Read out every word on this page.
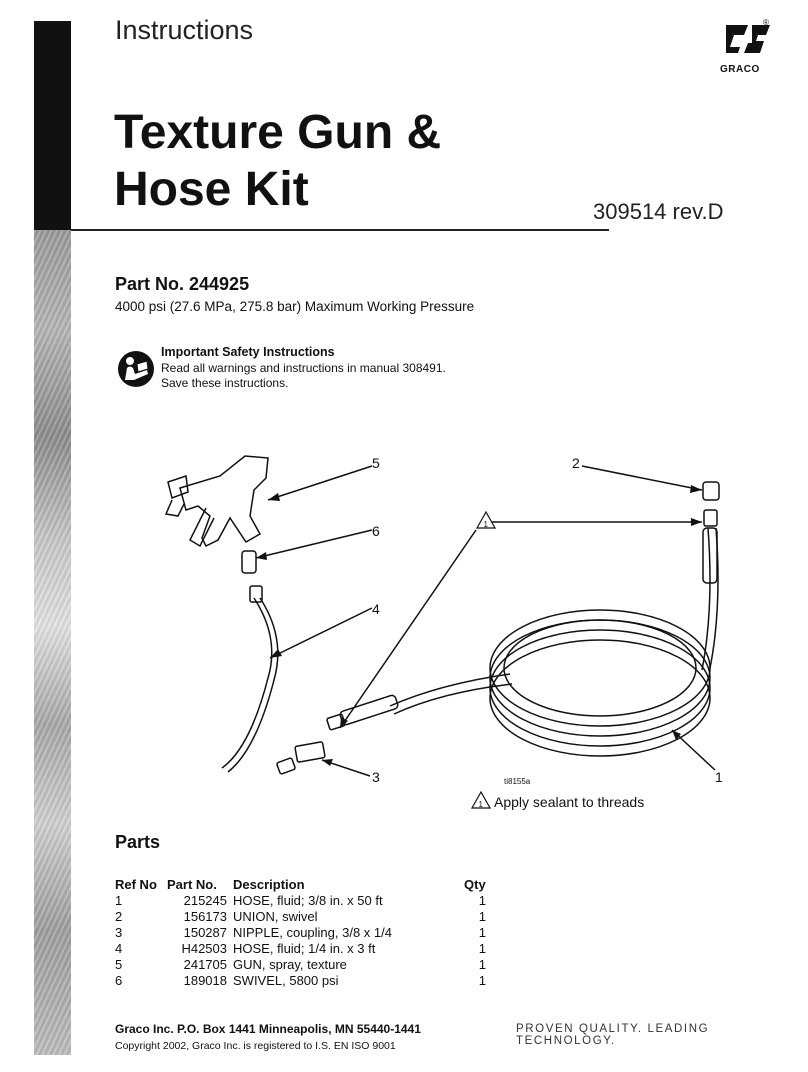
Instructions
Texture Gun &
Hose Kit	309514 rev.D
®
GRACO
Part No. 244925
4000 psi (27.6 MPa, 275.8 bar) Maximum Working Pressure
Important Safety Instructions
Read all warnings and instructions in manual 308491.
Save these instructions.
5
6
4
3
2
1
1
ti8155a
1 Apply sealant to threads
Parts
Ref No	Part No.	Description	Qty
1	215245	HOSE, fluid; 3/8 in. x 50 ft	1
2	156173	UNION, swivel	1
3	150287	NIPPLE, coupling, 3/8 x 1/4	1
4	H42503	HOSE, fluid; 1/4 in. x 3 ft	1
5	241705	GUN, spray, texture	1
6	189018	SWIVEL, 5800 psi	1
Graco Inc. P.O. Box 1441 Minneapolis, MN 55440-1441
Copyright 2002, Graco Inc. is registered to I.S. EN ISO 9001
PROVEN QUALITY. LEADING TECHNOLOGY.
